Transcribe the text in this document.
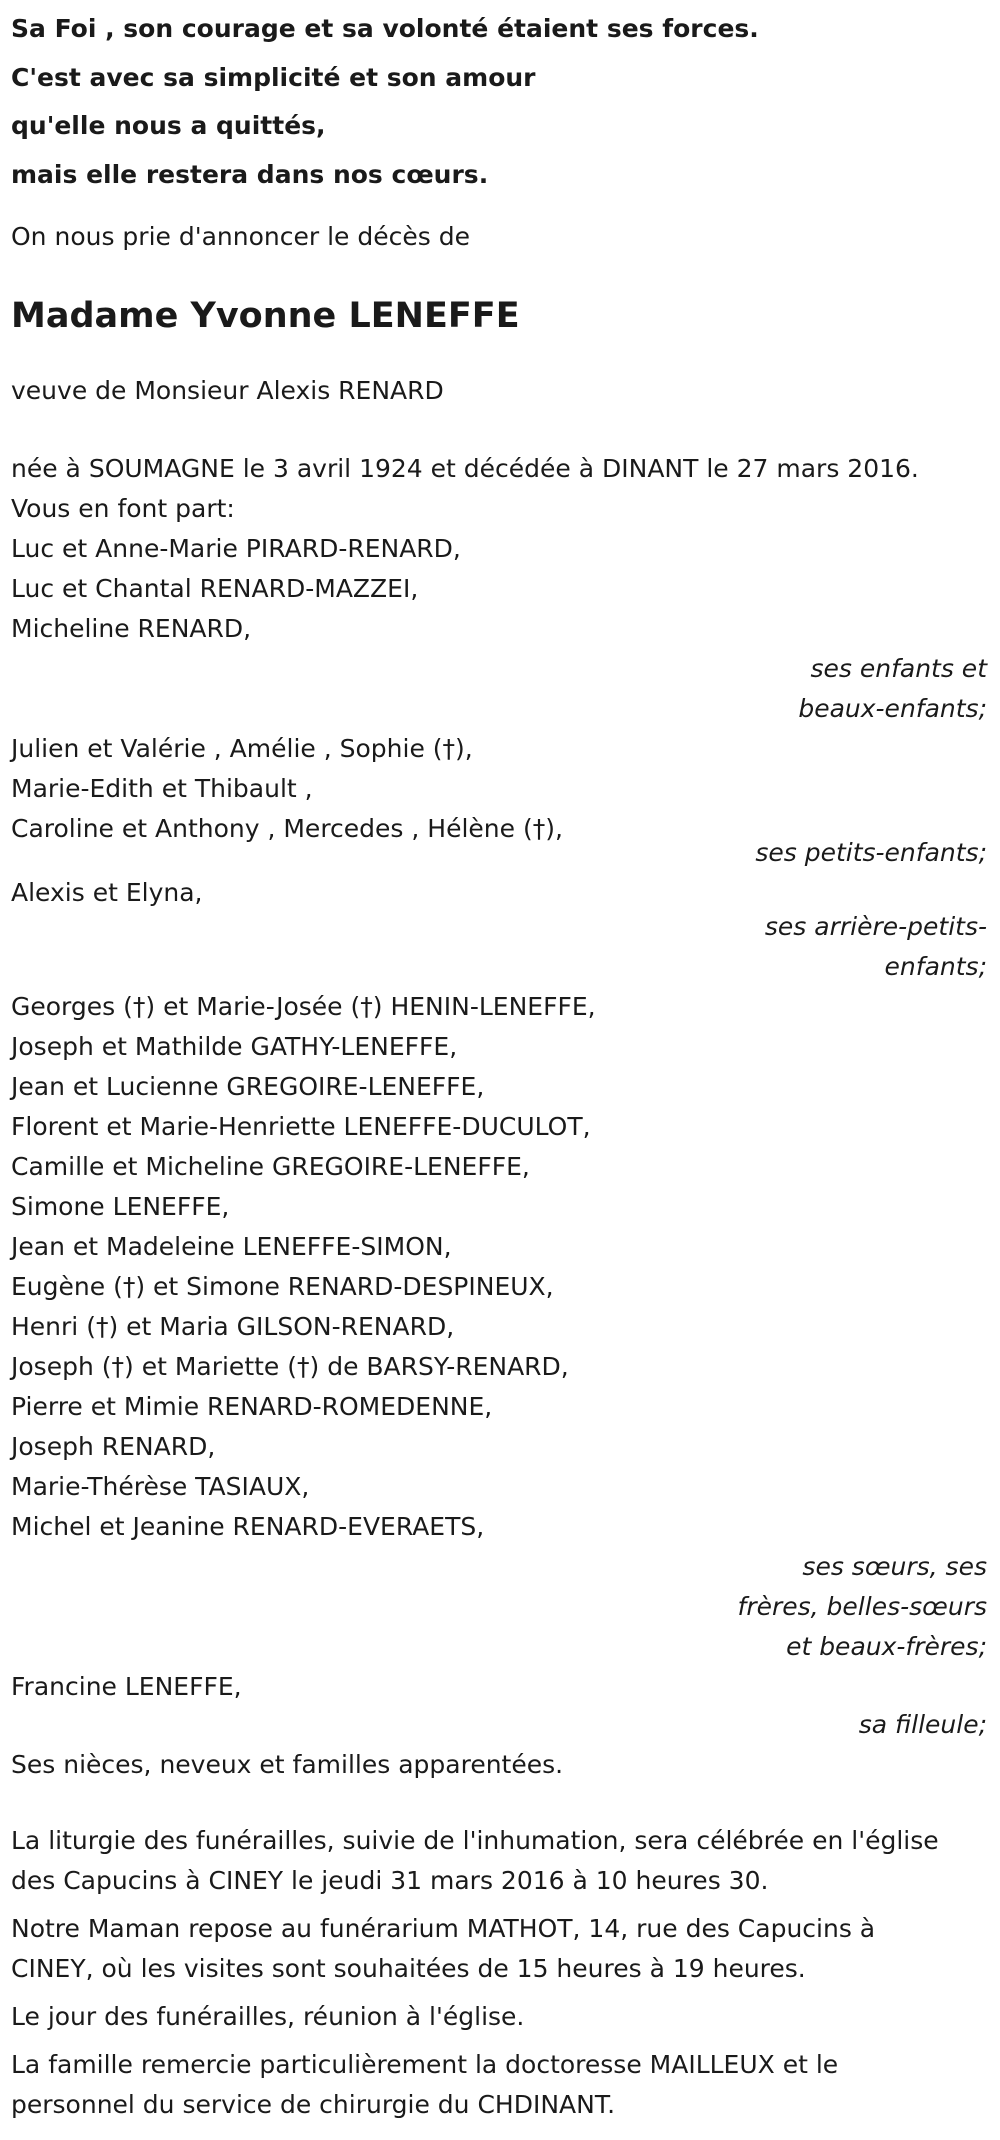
Sa Foi , son courage et sa volonté étaient ses forces.
C'est avec sa simplicité et son amour
qu'elle nous a quittés,
mais elle restera dans nos cœurs.
On nous prie d'annoncer le décès de
Madame Yvonne LENEFFE
veuve de Monsieur Alexis RENARD
née à SOUMAGNE le 3 avril 1924 et décédée à DINANT le 27 mars 2016.
Vous en font part:
Luc et Anne-Marie PIRARD-RENARD,
Luc et Chantal RENARD-MAZZEI,
Micheline RENARD,
ses enfants et
beaux-enfants;
Julien et Valérie , Amélie , Sophie (†),
Marie-Edith et Thibault ,
Caroline et Anthony , Mercedes , Hélène (†),
ses petits-enfants;
Alexis et Elyna,
ses arrière-petits-
enfants;
Georges (†) et Marie-Josée (†) HENIN-LENEFFE,
Joseph et Mathilde GATHY-LENEFFE,
Jean et Lucienne GREGOIRE-LENEFFE,
Florent et Marie-Henriette LENEFFE-DUCULOT,
Camille et Micheline GREGOIRE-LENEFFE,
Simone LENEFFE,
Jean et Madeleine LENEFFE-SIMON,
Eugène (†) et Simone RENARD-DESPINEUX,
Henri (†) et Maria GILSON-RENARD,
Joseph (†) et Mariette (†) de BARSY-RENARD,
Pierre et Mimie RENARD-ROMEDENNE,
Joseph RENARD,
Marie-Thérèse TASIAUX,
Michel et Jeanine RENARD-EVERAETS,
ses sœurs, ses
frères, belles-sœurs
et beaux-frères;
Francine LENEFFE,
sa filleule;
Ses nièces, neveux et familles apparentées.
La liturgie des funérailles, suivie de l'inhumation, sera célébrée en l'église
des Capucins à CINEY le jeudi 31 mars 2016 à 10 heures 30.
Notre Maman repose au funérarium MATHOT, 14, rue des Capucins à
CINEY, où les visites sont souhaitées de 15 heures à 19 heures.
Le jour des funérailles, réunion à l'église.
La famille remercie particulièrement la doctoresse MAILLEUX et le
personnel du service de chirurgie du CHDINANT.
